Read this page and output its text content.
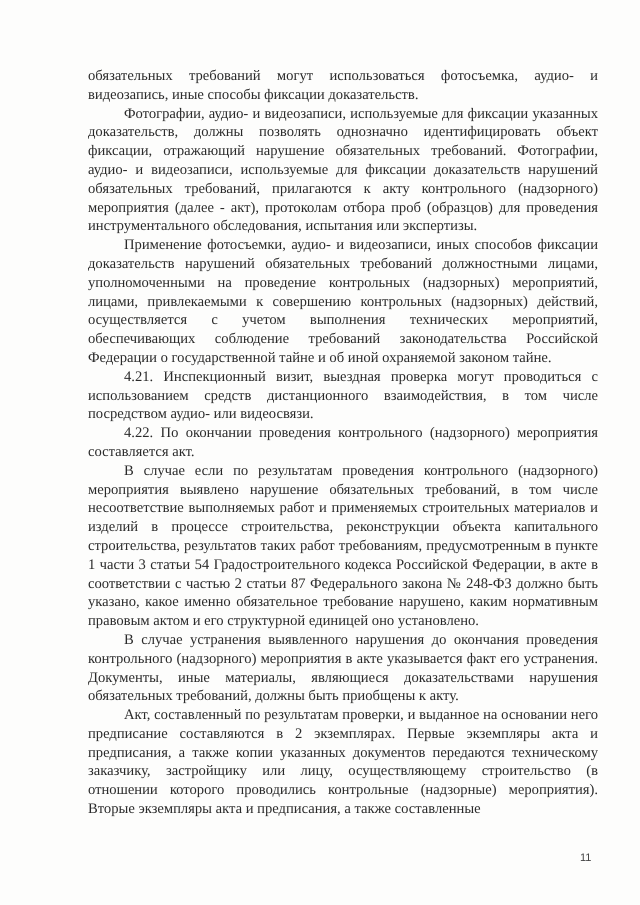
обязательных требований могут использоваться фотосъемка, аудио- и видеозапись, иные способы фиксации доказательств.

Фотографии, аудио- и видеозаписи, используемые для фиксации указанных доказательств, должны позволять однозначно идентифицировать объект фиксации, отражающий нарушение обязательных требований. Фотографии, аудио- и видеозаписи, используемые для фиксации доказательств нарушений обязательных требований, прилагаются к акту контрольного (надзорного) мероприятия (далее - акт), протоколам отбора проб (образцов) для проведения инструментального обследования, испытания или экспертизы.

Применение фотосъемки, аудио- и видеозаписи, иных способов фиксации доказательств нарушений обязательных требований должностными лицами, уполномоченными на проведение контрольных (надзорных) мероприятий, лицами, привлекаемыми к совершению контрольных (надзорных) действий, осуществляется с учетом выполнения технических мероприятий, обеспечивающих соблюдение требований законодательства Российской Федерации о государственной тайне и об иной охраняемой законом тайне.

4.21. Инспекционный визит, выездная проверка могут проводиться с использованием средств дистанционного взаимодействия, в том числе посредством аудио- или видеосвязи.

4.22. По окончании проведения контрольного (надзорного) мероприятия составляется акт.

В случае если по результатам проведения контрольного (надзорного) мероприятия выявлено нарушение обязательных требований, в том числе несоответствие выполняемых работ и применяемых строительных материалов и изделий в процессе строительства, реконструкции объекта капитального строительства, результатов таких работ требованиям, предусмотренным в пункте 1 части 3 статьи 54 Градостроительного кодекса Российской Федерации, в акте в соответствии с частью 2 статьи 87 Федерального закона № 248-ФЗ должно быть указано, какое именно обязательное требование нарушено, каким нормативным правовым актом и его структурной единицей оно установлено.

В случае устранения выявленного нарушения до окончания проведения контрольного (надзорного) мероприятия в акте указывается факт его устранения. Документы, иные материалы, являющиеся доказательствами нарушения обязательных требований, должны быть приобщены к акту.

Акт, составленный по результатам проверки, и выданное на основании него предписание составляются в 2 экземплярах. Первые экземпляры акта и предписания, а также копии указанных документов передаются техническому заказчику, застройщику или лицу, осуществляющему строительство (в отношении которого проводились контрольные (надзорные) мероприятия). Вторые экземпляры акта и предписания, а также составленные

11
